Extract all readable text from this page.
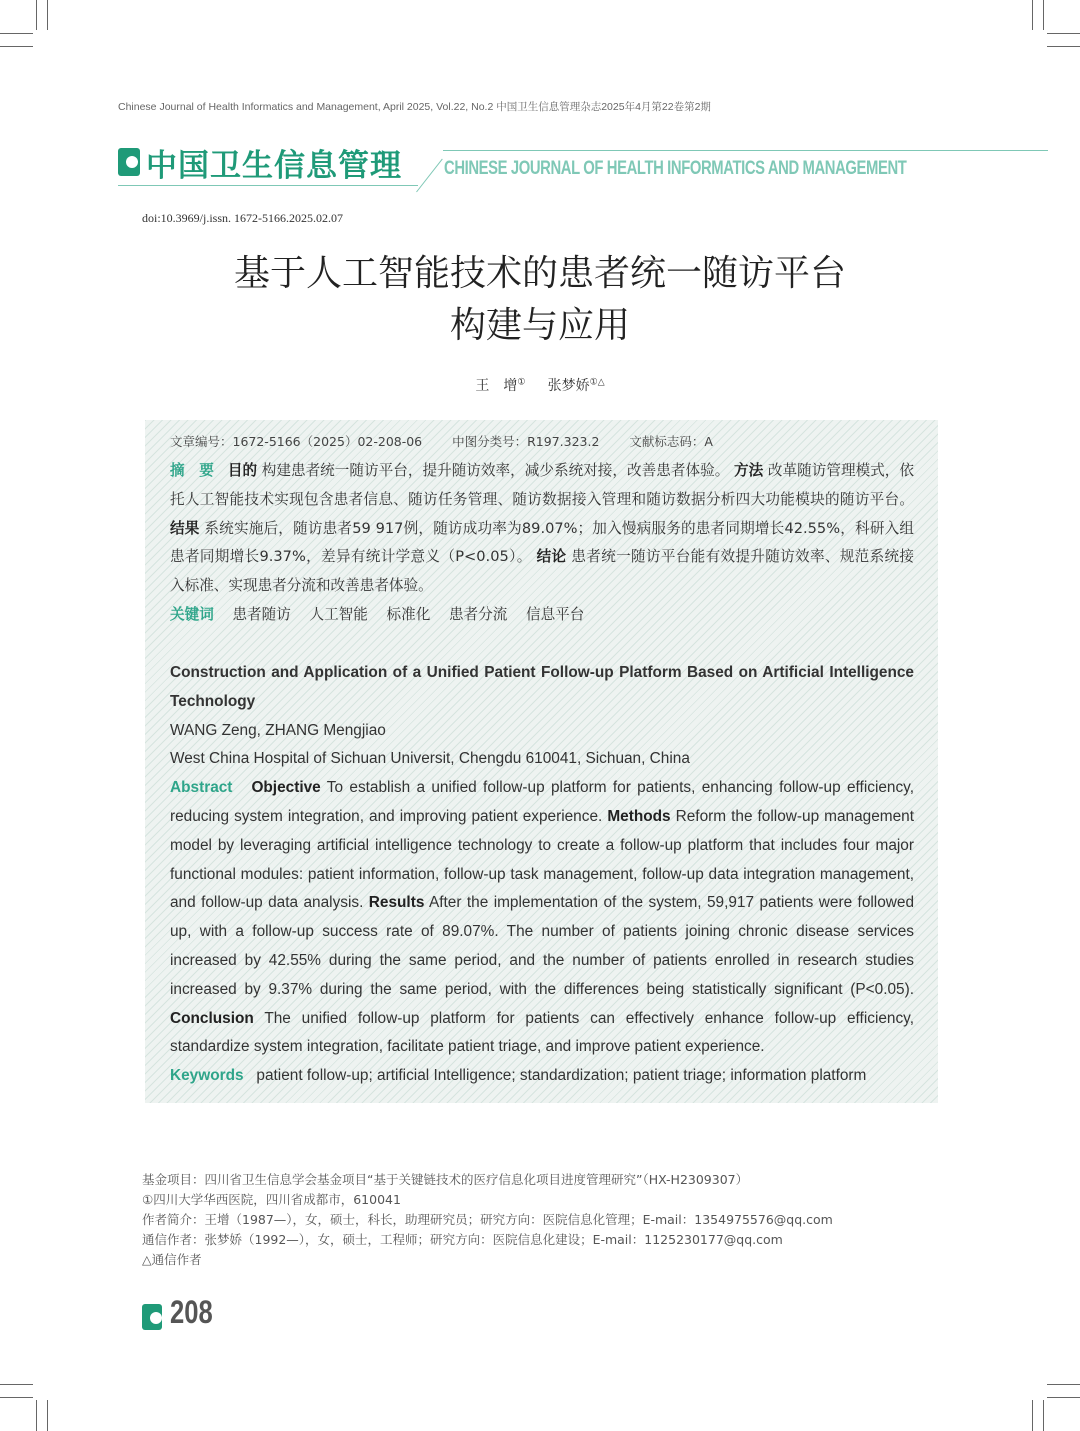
Chinese Journal of Health Informatics and Management, April 2025, Vol.22, No.2 中国卫生信息管理杂志2025年4月第22卷第2期
中国卫生信息管理 CHINESE JOURNAL OF HEALTH INFORMATICS AND MANAGEMENT
doi:10.3969/j.issn. 1672-5166.2025.02.07
基于人工智能技术的患者统一随访平台
构建与应用
王　增① 张梦娇①△
文章编号：1672-5166（2025）02-208-06 中图分类号：R197.323.2 文献标志码：A
摘　要 目的 构建患者统一随访平台，提升随访效率，减少系统对接，改善患者体验。 方法 改革随访管理模式，依托人工智能技术实现包含患者信息、随访任务管理、随访数据接入管理和随访数据分析四大功能模块的随访平台。 结果 系统实施后，随访患者59 917例，随访成功率为89.07%；加入慢病服务的患者同期增长42.55%，科研入组患者同期增长9.37%，差异有统计学意义（P<0.05）。 结论 患者统一随访平台能有效提升随访效率、规范系统接入标准、实现患者分流和改善患者体验。
关键词 患者随访 人工智能 标准化 患者分流 信息平台
Construction and Application of a Unified Patient Follow-up Platform Based on Artificial Intelligence Technology
WANG Zeng, ZHANG Mengjiao
West China Hospital of Sichuan Universit, Chengdu 610041, Sichuan, China
Abstract Objective To establish a unified follow-up platform for patients, enhancing follow-up efficiency, reducing system integration, and improving patient experience. Methods Reform the follow-up management model by leveraging artificial intelligence technology to create a follow-up platform that includes four major functional modules: patient information, follow-up task management, follow-up data integration management, and follow-up data analysis. Results After the implementation of the system, 59,917 patients were followed up, with a follow-up success rate of 89.07%. The number of patients joining chronic disease services increased by 42.55% during the same period, and the number of patients enrolled in research studies increased by 9.37% during the same period, with the differences being statistically significant (P<0.05). Conclusion The unified follow-up platform for patients can effectively enhance follow-up efficiency, standardize system integration, facilitate patient triage, and improve patient experience.
Keywords patient follow-up; artificial Intelligence; standardization; patient triage; information platform
基金项目：四川省卫生信息学会基金项目“基于关键链技术的医疗信息化项目进度管理研究”（HX-H2309307）
①四川大学华西医院，四川省成都市，610041
作者简介：王增（1987—），女，硕士，科长，助理研究员；研究方向：医院信息化管理；E-mail：1354975576@qq.com
通信作者：张梦娇（1992—），女，硕士，工程师；研究方向：医院信息化建设；E-mail：1125230177@qq.com
△通信作者
208
